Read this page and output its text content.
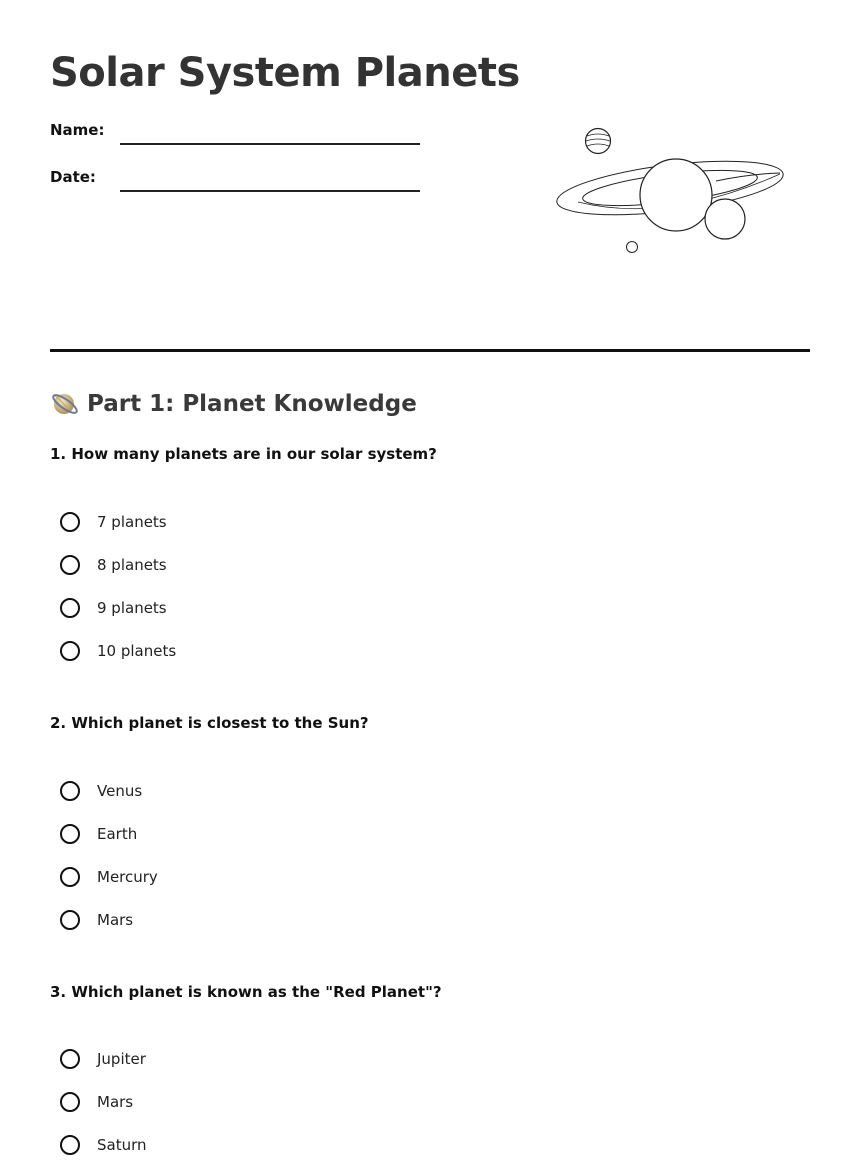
Solar System Planets
Name:
Date:
Part 1: Planet Knowledge
1. How many planets are in our solar system?
7 planets
8 planets
9 planets
10 planets
2. Which planet is closest to the Sun?
Venus
Earth
Mercury
Mars
3. Which planet is known as the "Red Planet"?
Jupiter
Mars
Saturn
